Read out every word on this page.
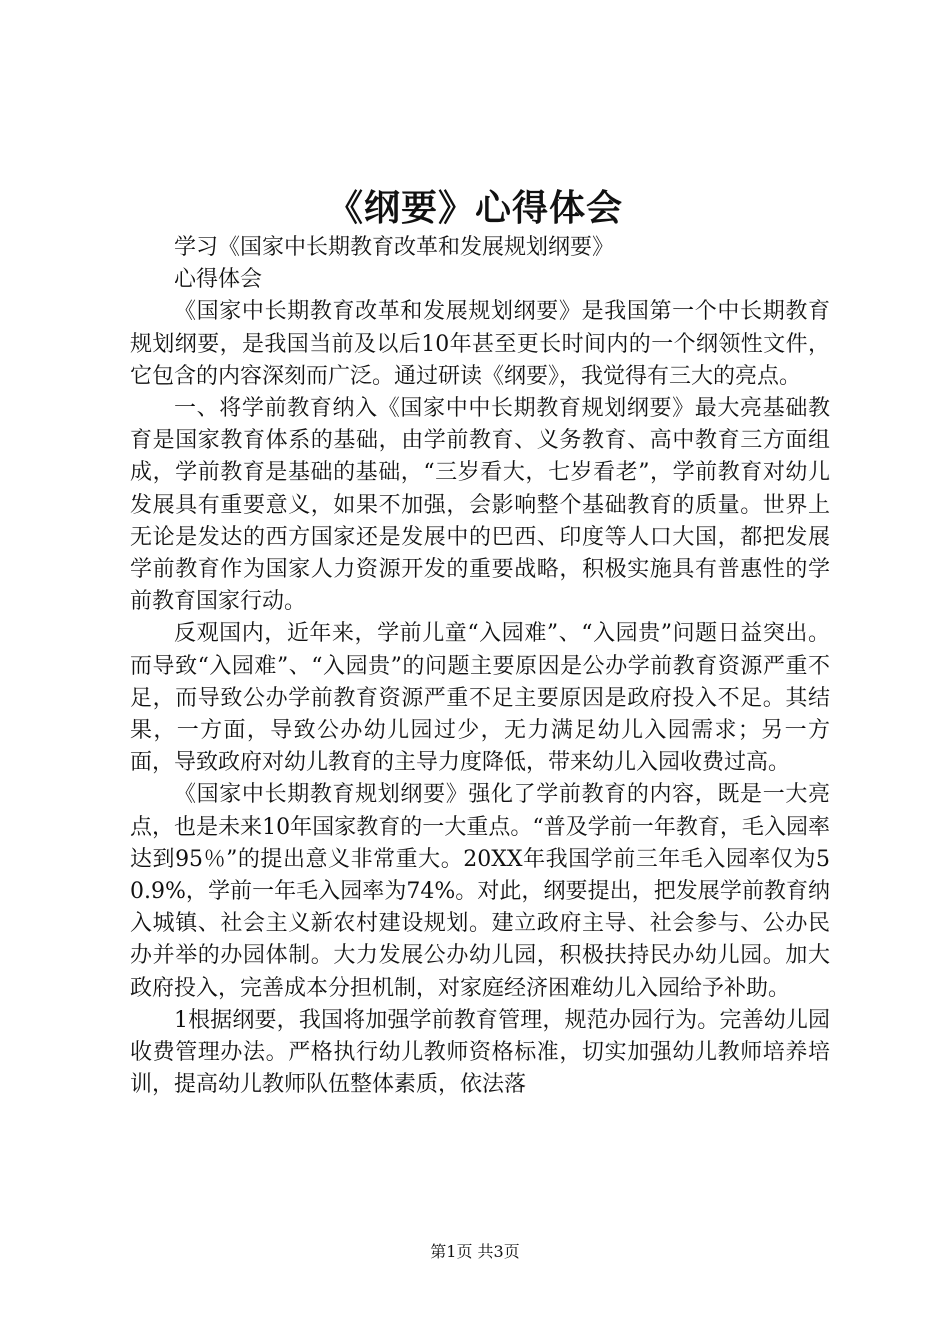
《纲要》心得体会

学习《国家中长期教育改革和发展规划纲要》

心得体会

《国家中长期教育改革和发展规划纲要》是我国第一个中长期教育规划纲要，是我国当前及以后10年甚至更长时间内的一个纲领性文件，它包含的内容深刻而广泛。通过研读《纲要》，我觉得有三大的亮点。

一、将学前教育纳入《国家中中长期教育规划纲要》最大亮基础教育是国家教育体系的基础，由学前教育、义务教育、高中教育三方面组成，学前教育是基础的基础，“三岁看大，七岁看老”，学前教育对幼儿发展具有重要意义，如果不加强，会影响整个基础教育的质量。世界上无论是发达的西方国家还是发展中的巴西、印度等人口大国，都把发展学前教育作为国家人力资源开发的重要战略，积极实施具有普惠性的学前教育国家行动。

反观国内，近年来，学前儿童“入园难”、“入园贵”问题日益突出。而导致“入园难”、“入园贵”的问题主要原因是公办学前教育资源严重不足，而导致公办学前教育资源严重不足主要原因是政府投入不足。其结果，一方面，导致公办幼儿园过少，无力满足幼儿入园需求；另一方面，导致政府对幼儿教育的主导力度降低，带来幼儿入园收费过高。

《国家中长期教育规划纲要》强化了学前教育的内容，既是一大亮点，也是未来10年国家教育的一大重点。“普及学前一年教育，毛入园率达到95％”的提出意义非常重大。20XX年我国学前三年毛入园率仅为50.9%，学前一年毛入园率为74%。对此，纲要提出，把发展学前教育纳入城镇、社会主义新农村建设规划。建立政府主导、社会参与、公办民办并举的办园体制。大力发展公办幼儿园，积极扶持民办幼儿园。加大政府投入，完善成本分担机制，对家庭经济困难幼儿入园给予补助。

1根据纲要，我国将加强学前教育管理，规范办园行为。完善幼儿园收费管理办法。严格执行幼儿教师资格标准，切实加强幼儿教师培养培训，提高幼儿教师队伍整体素质，依法落

第1页 共3页
